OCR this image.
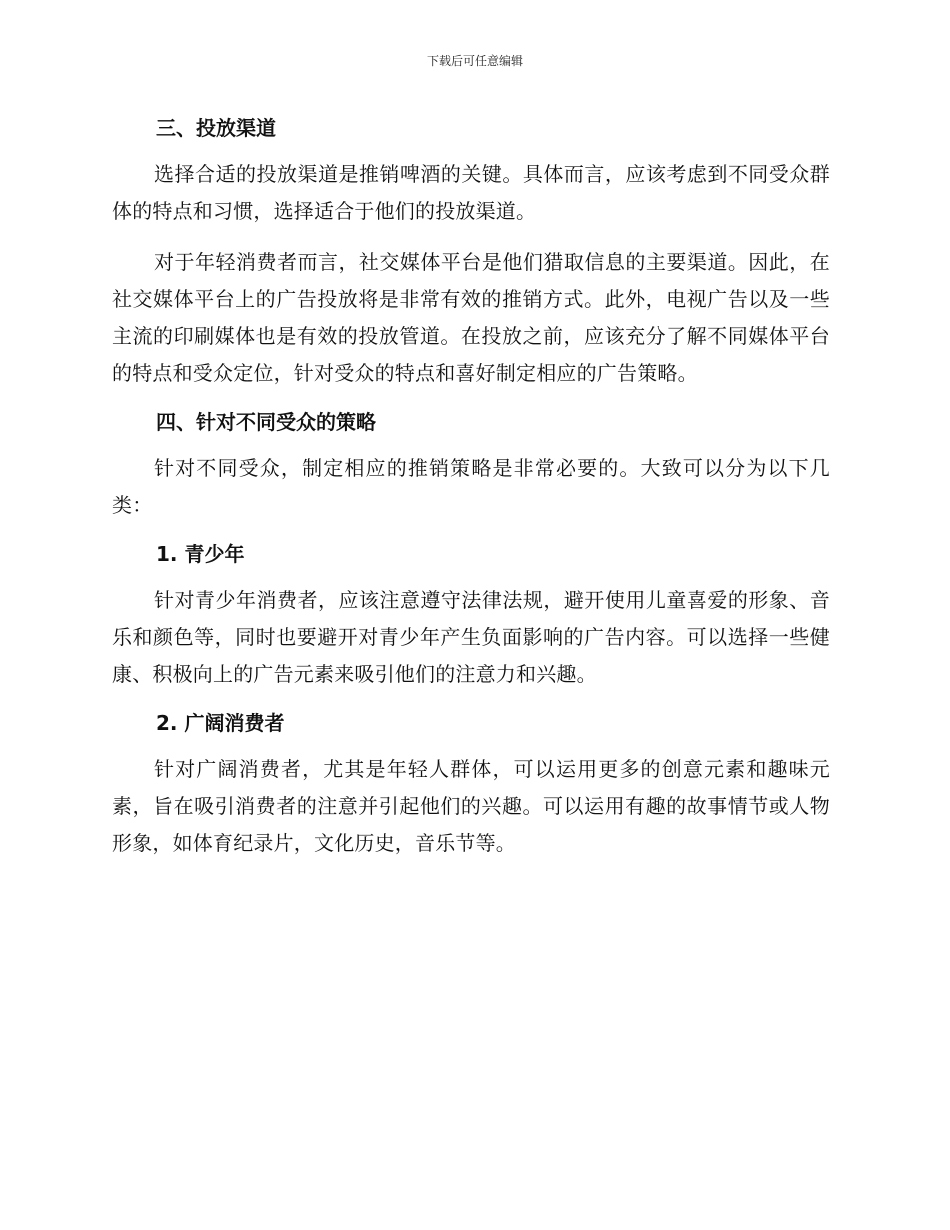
下载后可任意编辑
三、投放渠道

选择合适的投放渠道是推销啤酒的关键。具体而言，应该考虑到不同受众群体的特点和习惯，选择适合于他们的投放渠道。

对于年轻消费者而言，社交媒体平台是他们猎取信息的主要渠道。因此，在社交媒体平台上的广告投放将是非常有效的推销方式。此外，电视广告以及一些主流的印刷媒体也是有效的投放管道。在投放之前，应该充分了解不同媒体平台的特点和受众定位，针对受众的特点和喜好制定相应的广告策略。

四、针对不同受众的策略

针对不同受众，制定相应的推销策略是非常必要的。大致可以分为以下几类：

1. 青少年

针对青少年消费者，应该注意遵守法律法规，避开使用儿童喜爱的形象、音乐和颜色等，同时也要避开对青少年产生负面影响的广告内容。可以选择一些健康、积极向上的广告元素来吸引他们的注意力和兴趣。

2. 广阔消费者

针对广阔消费者，尤其是年轻人群体，可以运用更多的创意元素和趣味元素，旨在吸引消费者的注意并引起他们的兴趣。可以运用有趣的故事情节或人物形象，如体育纪录片，文化历史，音乐节等。
